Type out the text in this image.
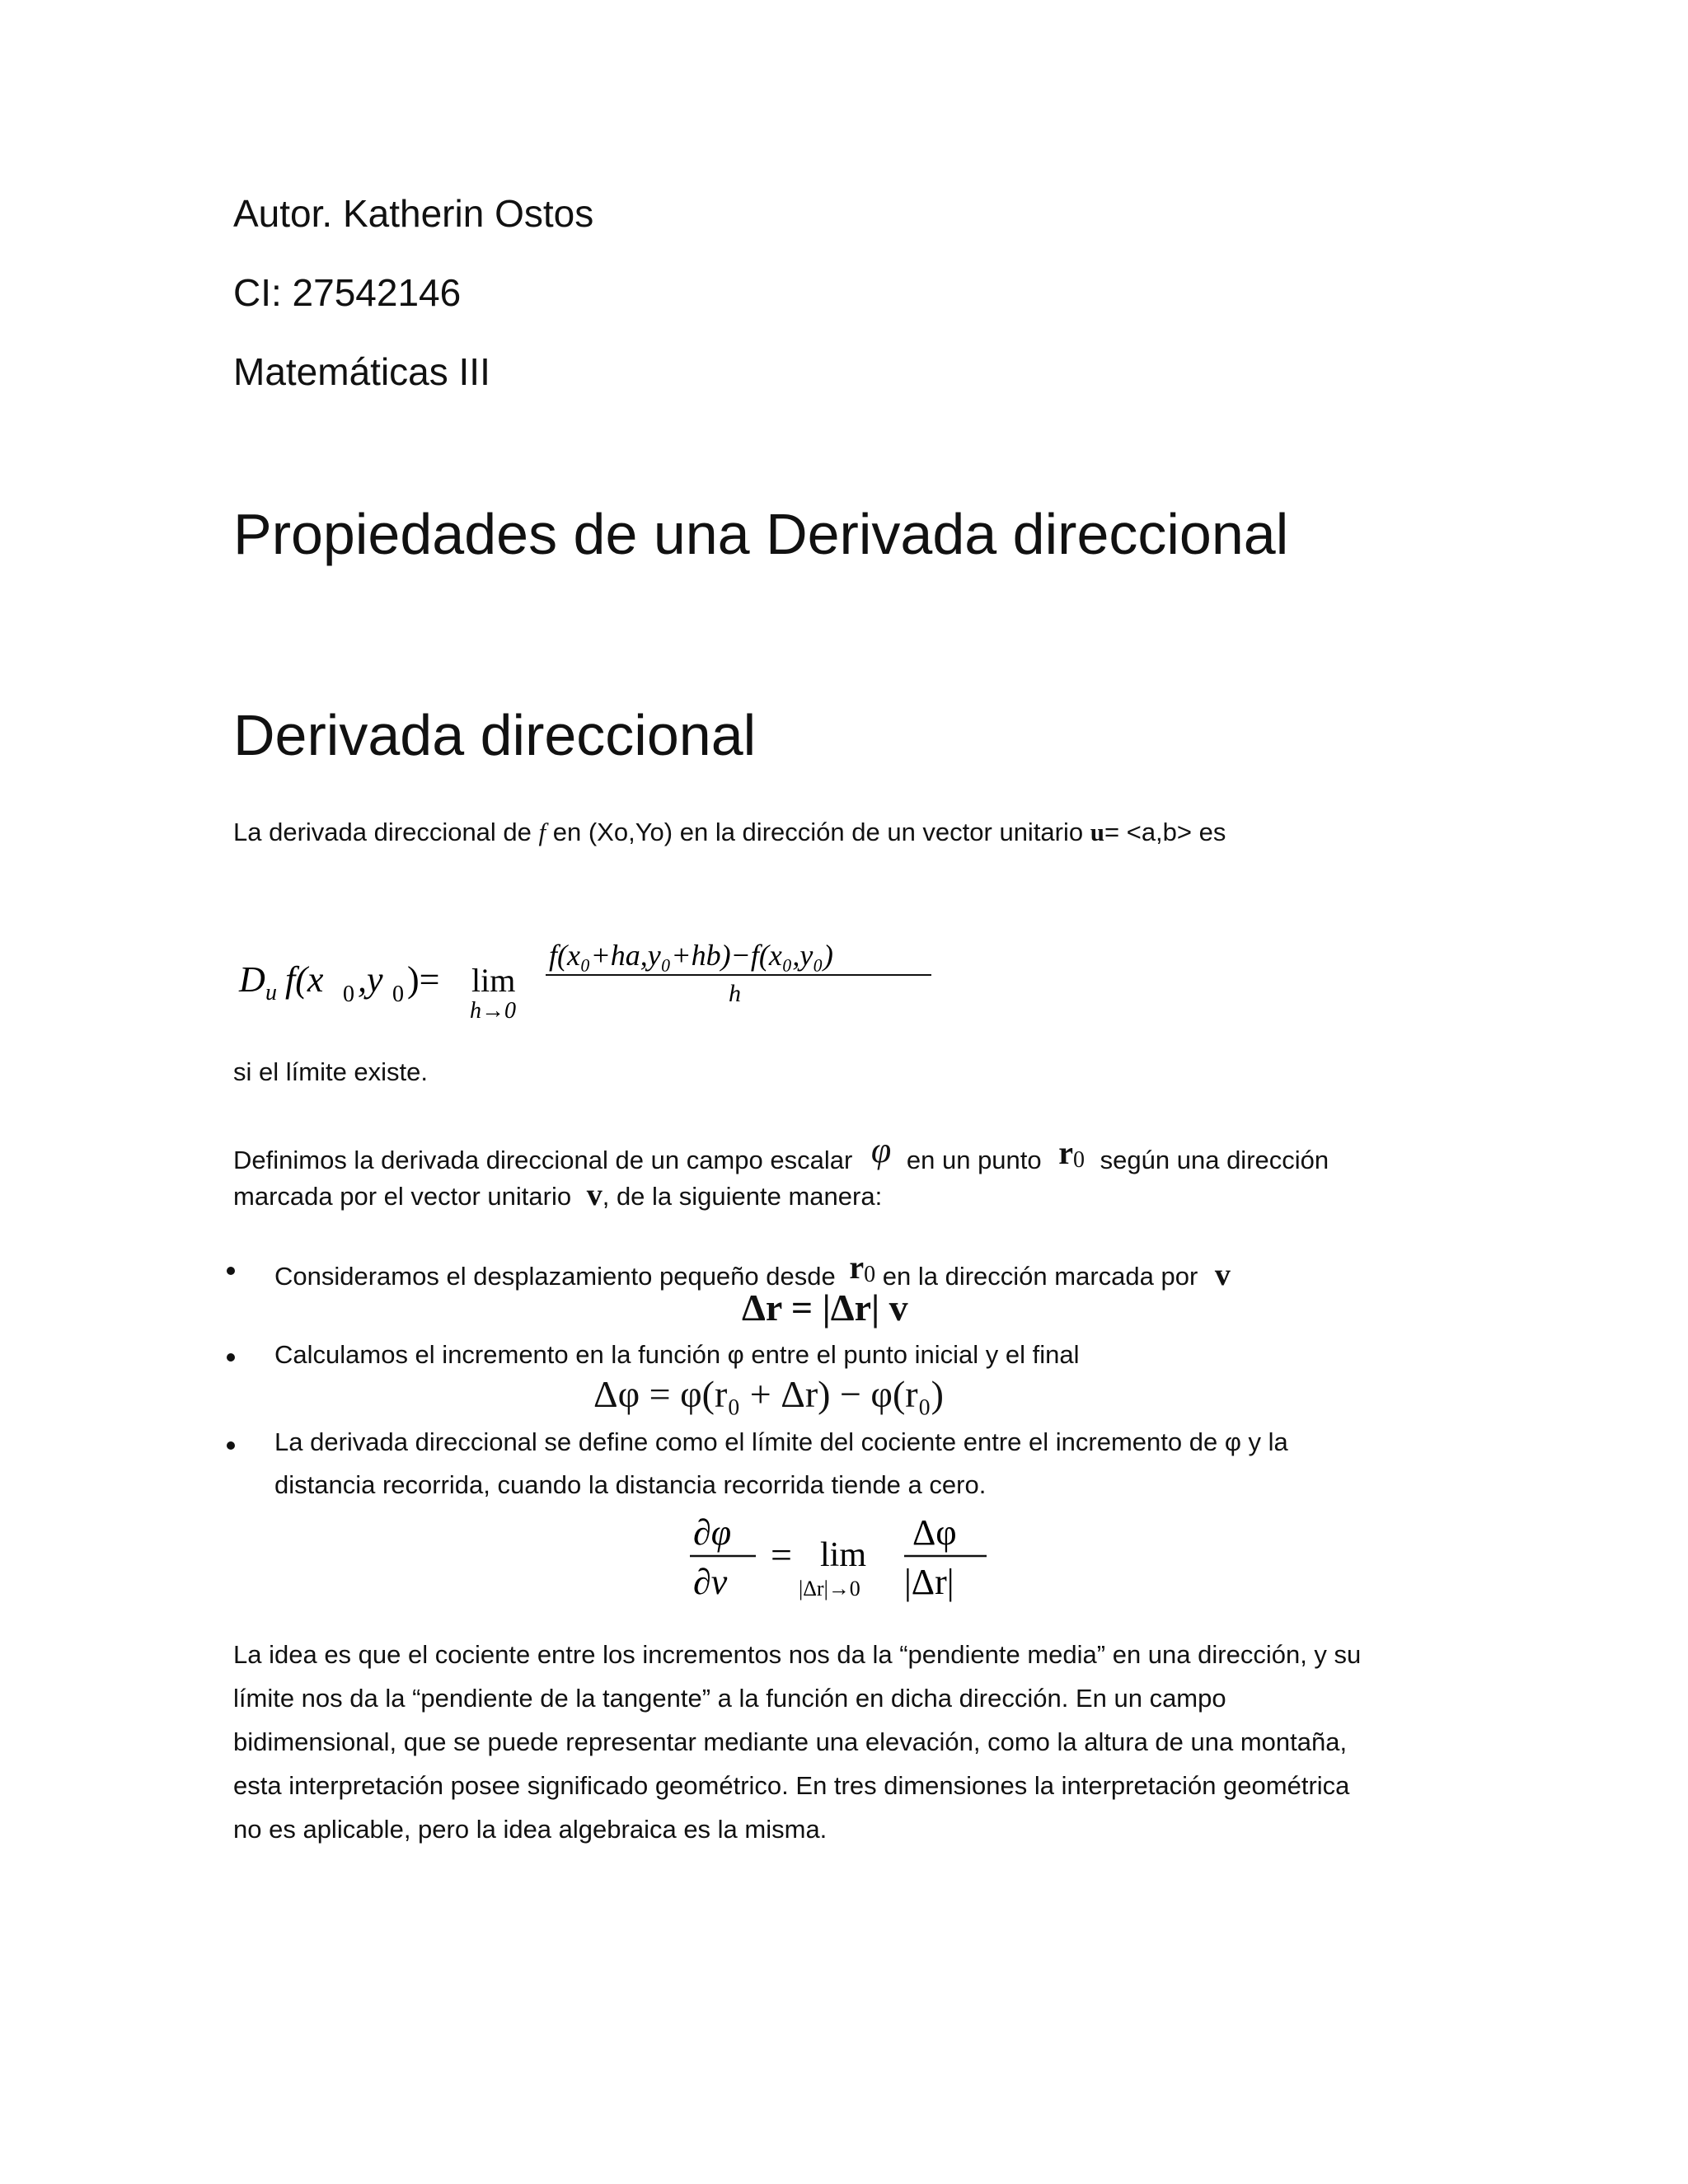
Autor. Katherin Ostos
CI: 27542146
Matemáticas III
Propiedades de una Derivada direccional
Derivada direccional
La derivada direccional de f en (Xo,Yo) en la dirección de un vector unitario u= <a,b> es
D u f(x 0 ,y 0 )= lim
h→0
f(x₀+ha,y₀+hb)−f(x₀,y₀)
h
si el límite existe.
Definimos la derivada direccional de un campo escalar φ en un punto r0 según una dirección
marcada por el vector unitario v, de la siguiente manera:
Consideramos el desplazamiento pequeño desde r0 en la dirección marcada por v
Δr = |Δr| v
Calculamos el incremento en la función φ entre el punto inicial y el final
Δφ = φ(r₀ + Δr) − φ(r₀)
La derivada direccional se define como el límite del cociente entre el incremento de φ y la
distancia recorrida, cuando la distancia recorrida tiende a cero.
∂φ
∂v
= lim
|Δr|→0
Δφ
|Δr|
La idea es que el cociente entre los incrementos nos da la “pendiente media” en una dirección, y su
límite nos da la “pendiente de la tangente” a la función en dicha dirección. En un campo
bidimensional, que se puede representar mediante una elevación, como la altura de una montaña,
esta interpretación posee significado geométrico. En tres dimensiones la interpretación geométrica
no es aplicable, pero la idea algebraica es la misma.
